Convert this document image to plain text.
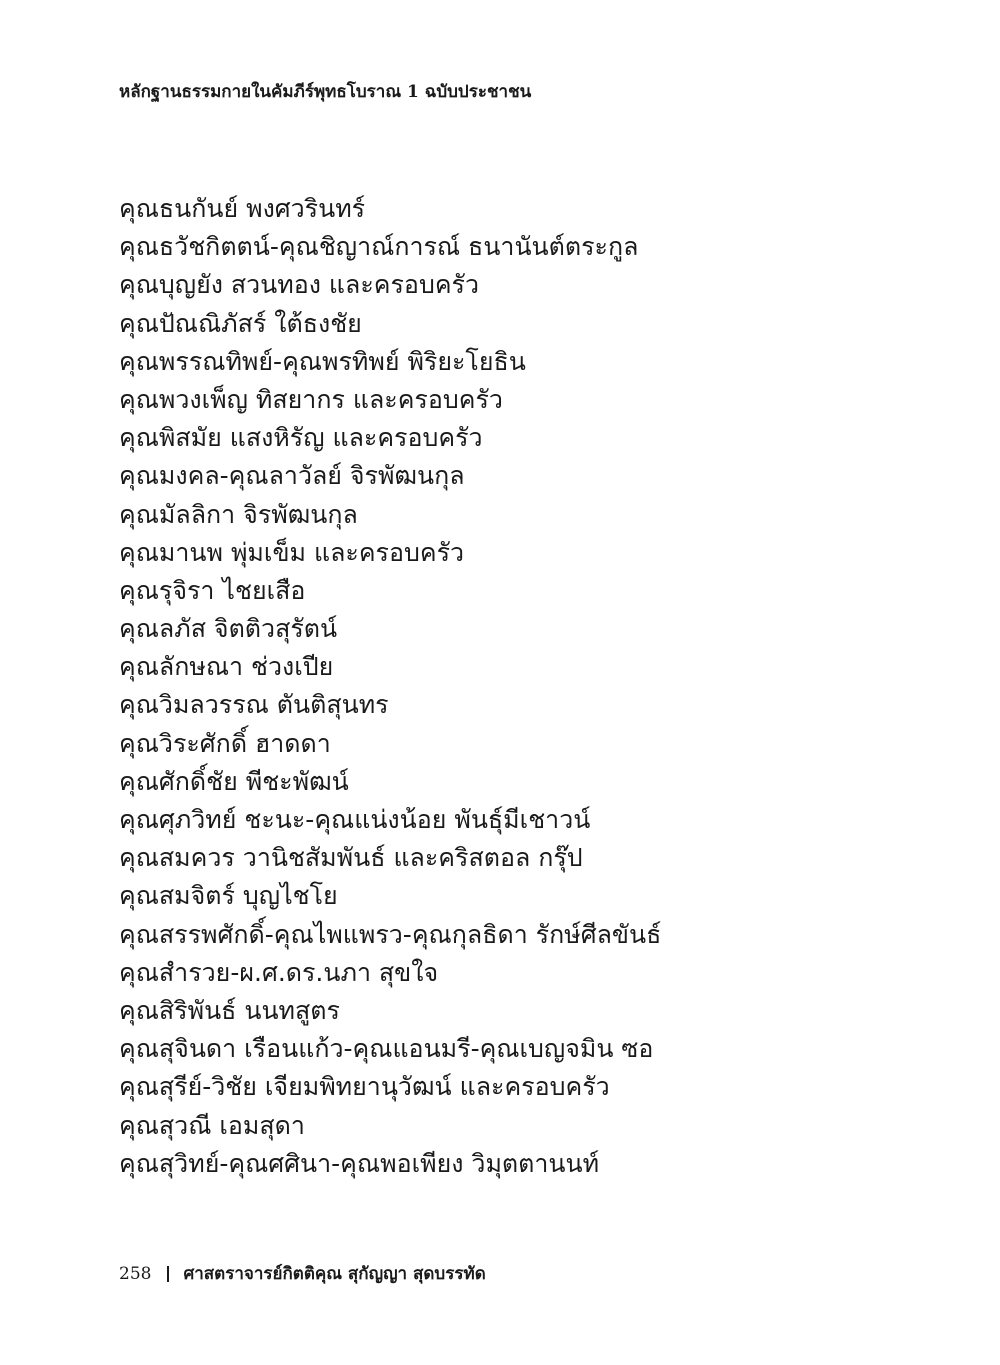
หลักฐานธรรมกายในคัมภีร์พุทธโบราณ 1 ฉบับประชาชน
คุณธนกันย์ พงศวรินทร์
คุณธวัชกิตตน์-คุณชิญาณ์การณ์ ธนานันต์ตระกูล
คุณบุญยัง สวนทอง และครอบครัว
คุณปัณณิภัสร์ ใต้ธงชัย
คุณพรรณทิพย์-คุณพรทิพย์ พิริยะโยธิน
คุณพวงเพ็ญ ทิสยากร และครอบครัว
คุณพิสมัย แสงหิรัญ และครอบครัว
คุณมงคล-คุณลาวัลย์ จิรพัฒนกุล
คุณมัลลิกา จิรพัฒนกุล
คุณมานพ พุ่มเข็ม และครอบครัว
คุณรุจิรา ไชยเสือ
คุณลภัส จิตติวสุรัตน์
คุณลักษณา ช่วงเปีย
คุณวิมลวรรณ ตันติสุนทร
คุณวิระศักดิ์ ฮาดดา
คุณศักดิ์ชัย พีชะพัฒน์
คุณศุภวิทย์ ชะนะ-คุณแน่งน้อย พันธุ์มีเชาวน์
คุณสมควร วานิชสัมพันธ์ และคริสตอล กรุ๊ป
คุณสมจิตร์ บุญไชโย
คุณสรรพศักดิ์-คุณไพแพรว-คุณกุลธิดา รักษ์ศีลขันธ์
คุณสำรวย-ผ.ศ.ดร.นภา สุขใจ
คุณสิริพันธ์ นนทสูตร
คุณสุจินดา เรือนแก้ว-คุณแอนมรี-คุณเบญจมิน ซอ
คุณสุรีย์-วิชัย เจียมพิทยานุวัฒน์ และครอบครัว
คุณสุวณี เอมสุดา
คุณสุวิทย์-คุณศศินา-คุณพอเพียง วิมุตตานนท์
258 ศาสตราจารย์กิตติคุณ สุกัญญา สุดบรรทัด
